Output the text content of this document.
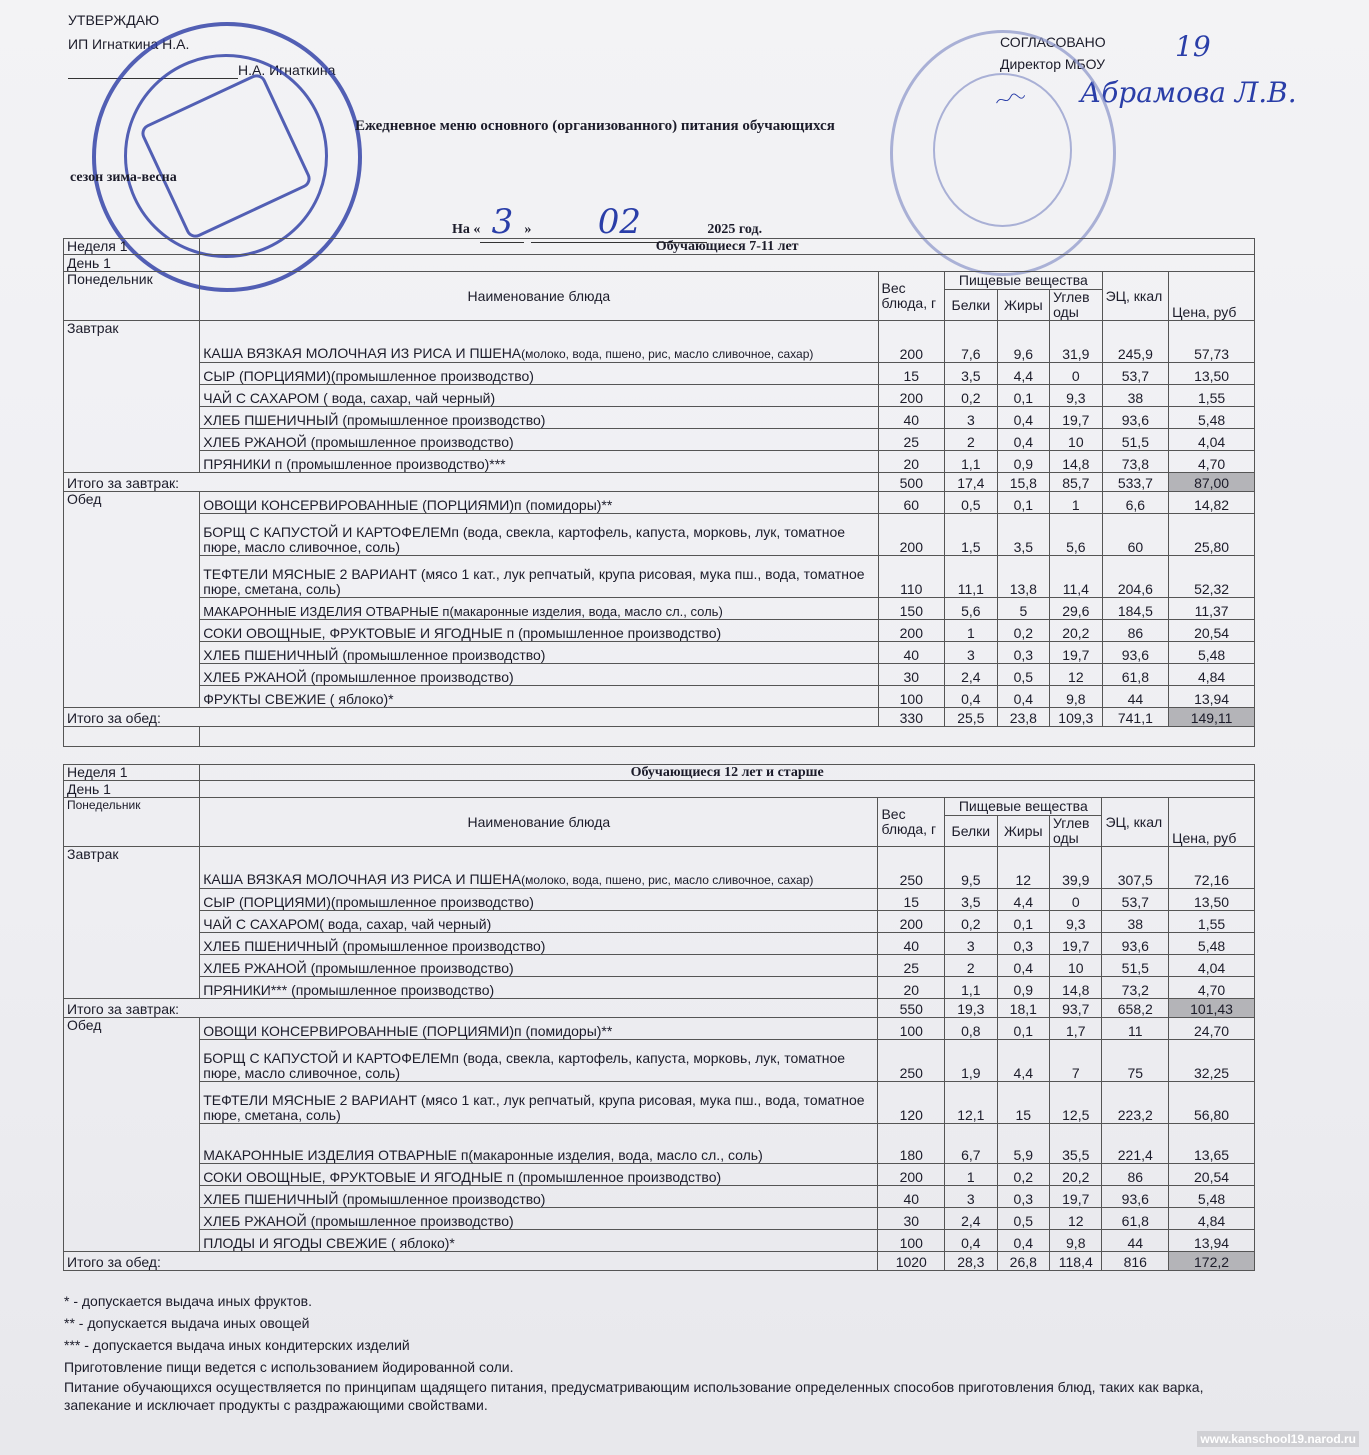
УТВЕРЖДАЮ
ИП Игнаткина Н.А.
Н.А. Игнаткина
СОГЛАСОВАНО
Директор МБОУ
19
Абрамова Л.В.
Ежедневное меню основного (организованного) питания обучающихся
сезон зима-весна
На « 3 » 02	2025 год.
Неделя 1	Обучающиеся 7-11 лет						
День 1							
Понедельник	Наименование блюда	Вес блюда, г	Пищевые вещества			ЭЦ, ккал	Цена, руб
			Белки	Жиры	Углев оды		
Завтрак	КАША ВЯЗКАЯ МОЛОЧНАЯ ИЗ РИСА И ПШЕНА(молоко, вода, пшено, рис, масло сливочное, сахар)	200	7,6	9,6	31,9	245,9	57,73
	СЫР (ПОРЦИЯМИ)(промышленное производство)	15	3,5	4,4	0	53,7	13,50
	ЧАЙ С САХАРОМ ( вода, сахар, чай черный)	200	0,2	0,1	9,3	38	1,55
	ХЛЕБ ПШЕНИЧНЫЙ (промышленное производство)	40	3	0,4	19,7	93,6	5,48
	ХЛЕБ РЖАНОЙ (промышленное производство)	25	2	0,4	10	51,5	4,04
	ПРЯНИКИ п (промышленное производство)***	20	1,1	0,9	14,8	73,8	4,70
Итого за завтрак:		500	17,4	15,8	85,7	533,7	87,00
Обед	ОВОЩИ КОНСЕРВИРОВАННЫЕ (ПОРЦИЯМИ)п (помидоры)**	60	0,5	0,1	1	6,6	14,82
	БОРЩ С КАПУСТОЙ И КАРТОФЕЛЕМп (вода, свекла, картофель, капуста, морковь, лук, томатное пюре, масло сливочное, соль)	200	1,5	3,5	5,6	60	25,80
	ТЕФТЕЛИ МЯСНЫЕ 2 ВАРИАНТ (мясо 1 кат., лук репчатый, крупа рисовая, мука пш., вода, томатное пюре, сметана, соль)	110	11,1	13,8	11,4	204,6	52,32
	МАКАРОННЫЕ ИЗДЕЛИЯ ОТВАРНЫЕ п(макаронные изделия, вода, масло сл., соль)	150	5,6	5	29,6	184,5	11,37
	СОКИ ОВОЩНЫЕ, ФРУКТОВЫЕ И ЯГОДНЫЕ п (промышленное производство)	200	1	0,2	20,2	86	20,54
	ХЛЕБ ПШЕНИЧНЫЙ (промышленное производство)	40	3	0,3	19,7	93,6	5,48
	ХЛЕБ РЖАНОЙ (промышленное производство)	30	2,4	0,5	12	61,8	4,84
	ФРУКТЫ СВЕЖИЕ ( яблоко)*	100	0,4	0,4	9,8	44	13,94
Итого за обед:		330	25,5	23,8	109,3	741,1	149,11

Неделя 1	Обучающиеся 12 лет и старше						
День 1							
Понедельник	Наименование блюда	Вес блюда, г	Пищевые вещества			ЭЦ, ккал	Цена, руб
			Белки	Жиры	Углев оды		
Завтрак	КАША ВЯЗКАЯ МОЛОЧНАЯ ИЗ РИСА И ПШЕНА(молоко, вода, пшено, рис, масло сливочное, сахар)	250	9,5	12	39,9	307,5	72,16
	СЫР (ПОРЦИЯМИ)(промышленное производство)	15	3,5	4,4	0	53,7	13,50
	ЧАЙ С САХАРОМ( вода, сахар, чай черный)	200	0,2	0,1	9,3	38	1,55
	ХЛЕБ ПШЕНИЧНЫЙ (промышленное производство)	40	3	0,3	19,7	93,6	5,48
	ХЛЕБ РЖАНОЙ (промышленное производство)	25	2	0,4	10	51,5	4,04
	ПРЯНИКИ*** (промышленное производство)	20	1,1	0,9	14,8	73,2	4,70
Итого за завтрак:		550	19,3	18,1	93,7	658,2	101,43
Обед	ОВОЩИ КОНСЕРВИРОВАННЫЕ (ПОРЦИЯМИ)п (помидоры)**	100	0,8	0,1	1,7	11	24,70
	БОРЩ С КАПУСТОЙ И КАРТОФЕЛЕМп (вода, свекла, картофель, капуста, морковь, лук, томатное пюре, масло сливочное, соль)	250	1,9	4,4	7	75	32,25
	ТЕФТЕЛИ МЯСНЫЕ 2 ВАРИАНТ (мясо 1 кат., лук репчатый, крупа рисовая, мука пш., вода, томатное пюре, сметана, соль)	120	12,1	15	12,5	223,2	56,80
	МАКАРОННЫЕ ИЗДЕЛИЯ ОТВАРНЫЕ п(макаронные изделия, вода, масло сл., соль)	180	6,7	5,9	35,5	221,4	13,65
	СОКИ ОВОЩНЫЕ, ФРУКТОВЫЕ И ЯГОДНЫЕ п (промышленное производство)	200	1	0,2	20,2	86	20,54
	ХЛЕБ ПШЕНИЧНЫЙ (промышленное производство)	40	3	0,3	19,7	93,6	5,48
	ХЛЕБ РЖАНОЙ (промышленное производство)	30	2,4	0,5	12	61,8	4,84
	ПЛОДЫ И ЯГОДЫ СВЕЖИЕ ( яблоко)*	100	0,4	0,4	9,8	44	13,94
Итого за обед:		1020	28,3	26,8	118,4	816	172,2

* - допускается выдача иных фруктов.

** - допускается выдача иных овощей

*** - допускается выдача иных кондитерских изделий

Приготовление пищи ведется с использованием йодированной соли.

Питание обучающихся осуществляется по принципам щадящего питания, предусматривающим использование определенных способов приготовления блюд, таких как варка, запекание и исключает продукты с раздражающими свойствами.

www.kanschool19.narod.ru
